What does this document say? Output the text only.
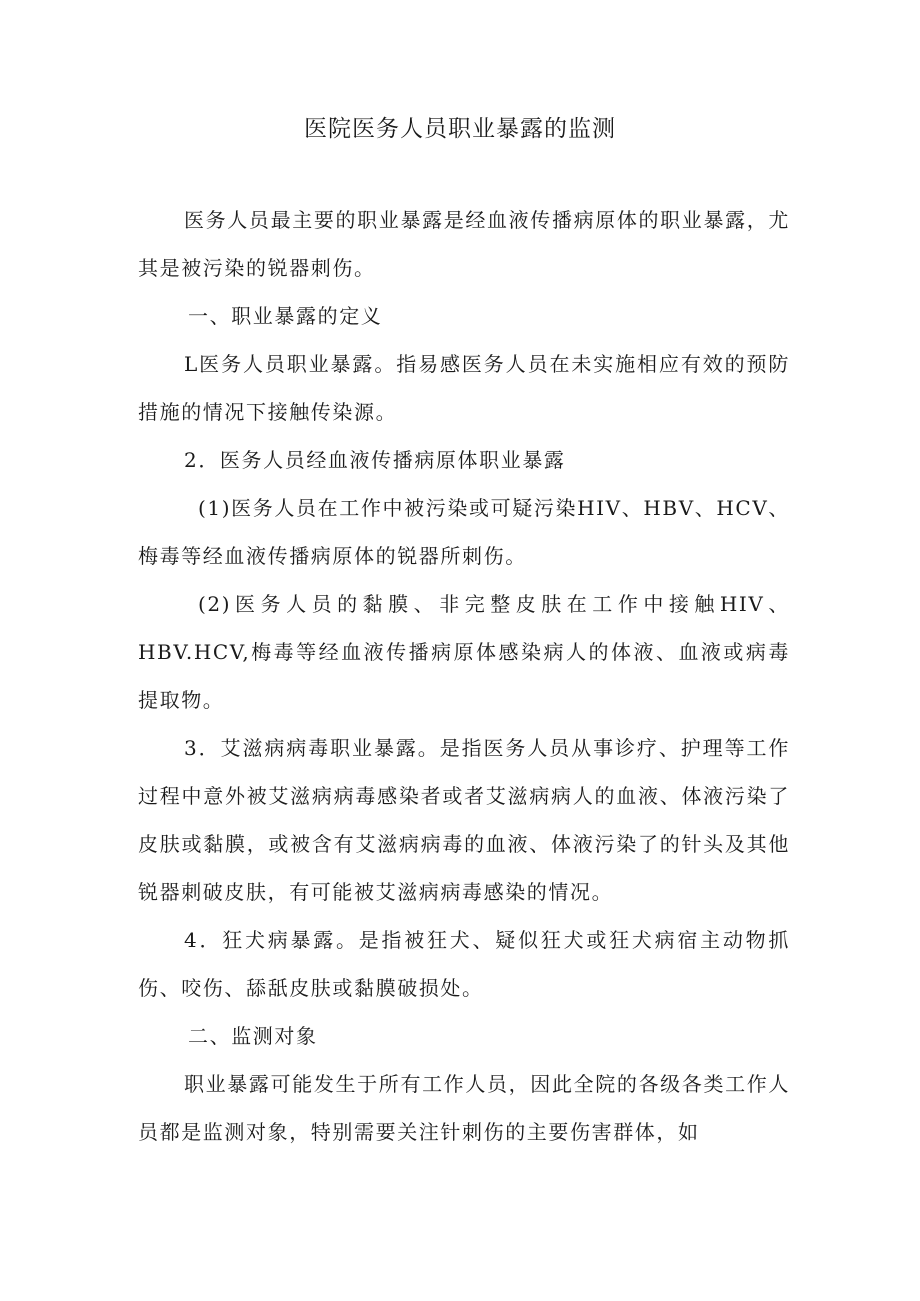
医院医务人员职业暴露的监测

医务人员最主要的职业暴露是经血液传播病原体的职业暴露，尤其是被污染的锐器刺伤。

一、职业暴露的定义

L医务人员职业暴露。指易感医务人员在未实施相应有效的预防措施的情况下接触传染源。

2．医务人员经血液传播病原体职业暴露

(1)医务人员在工作中被污染或可疑污染HIV、HBV、HCV、梅毒等经血液传播病原体的锐器所刺伤。

(2)医务人员的黏膜、非完整皮肤在工作中接触HIV、HBV.HCV,梅毒等经血液传播病原体感染病人的体液、血液或病毒提取物。

3．艾滋病病毒职业暴露。是指医务人员从事诊疗、护理等工作过程中意外被艾滋病病毒感染者或者艾滋病病人的血液、体液污染了皮肤或黏膜，或被含有艾滋病病毒的血液、体液污染了的针头及其他锐器刺破皮肤，有可能被艾滋病病毒感染的情况。

4．狂犬病暴露。是指被狂犬、疑似狂犬或狂犬病宿主动物抓伤、咬伤、舔舐皮肤或黏膜破损处。

二、监测对象

职业暴露可能发生于所有工作人员，因此全院的各级各类工作人员都是监测对象，特别需要关注针刺伤的主要伤害群体，如
